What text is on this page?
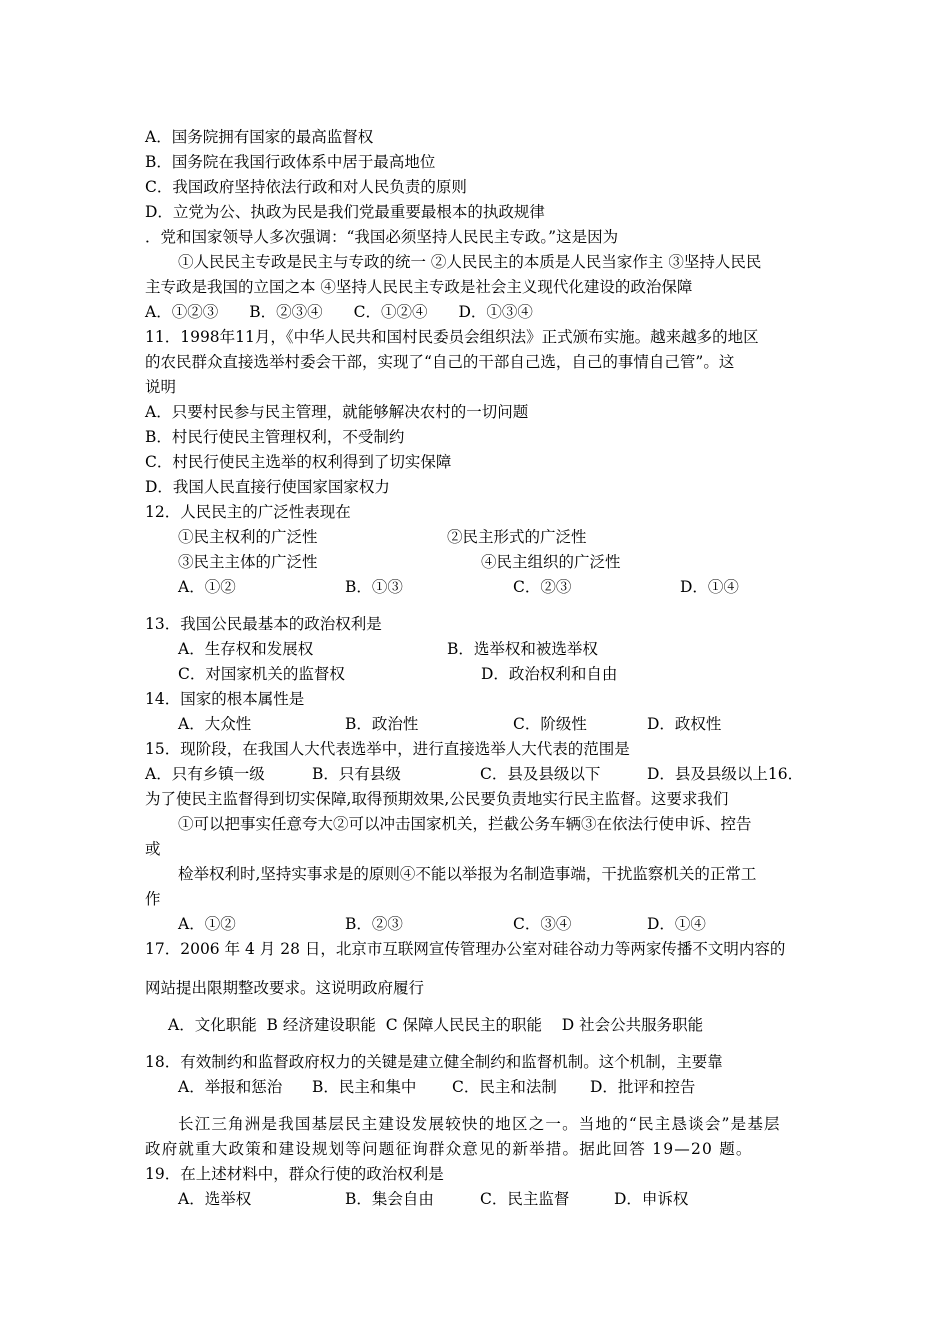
A．国务院拥有国家的最高监督权
B．国务院在我国行政体系中居于最高地位
C．我国政府坚持依法行政和对人民负责的原则
D．立党为公、执政为民是我们党最重要最根本的执政规律
．党和国家领导人多次强调：“我国必须坚持人民民主专政。”这是因为
①人民民主专政是民主与专政的统一 ②人民民主的本质是人民当家作主 ③坚持人民民
主专政是我国的立国之本 ④坚持人民民主专政是社会主义现代化建设的政治保障
A．①②③　　B．②③④　　C．①②④　　D．①③④
11．1998年11月，《中华人民共和国村民委员会组织法》正式颁布实施。越来越多的地区
的农民群众直接选举村委会干部，实现了“自己的干部自己选，自己的事情自己管”。这
说明
A．只要村民参与民主管理，就能够解决农村的一切问题
B．村民行使民主管理权利，不受制约
C．村民行使民主选举的权利得到了切实保障
D．我国人民直接行使国家国家权力
12．人民民主的广泛性表现在
①民主权利的广泛性	②民主形式的广泛性
③民主主体的广泛性	④民主组织的广泛性
A．①②	B．①③	C．②③	D．①④
13．我国公民最基本的政治权利是
A．生存权和发展权	B．选举权和被选举权
C．对国家机关的监督权	D．政治权利和自由
14．国家的根本属性是
A．大众性	B．政治性	C．阶级性	D．政权性
15．现阶段，在我国人大代表选举中，进行直接选举人大代表的范围是
A．只有乡镇一级	B．只有县级	C．县及县级以下	D．县及县级以上16．
为了使民主监督得到切实保障,取得预期效果,公民要负责地实行民主监督。这要求我们
①可以把事实任意夸大②可以冲击国家机关，拦截公务车辆③在依法行使申诉、控告
或
检举权利时,坚持实事求是的原则④不能以举报为名制造事端，干扰监察机关的正常工
作
A．①②	B．②③	C．③④	D．①④
17．2006 年 4 月 28 日，北京市互联网宣传管理办公室对硅谷动力等两家传播不文明内容的
网站提出限期整改要求。这说明政府履行
A．文化职能  B 经济建设职能  C 保障人民民主的职能    D 社会公共服务职能
18．有效制约和监督政府权力的关键是建立健全制约和监督机制。这个机制，主要靠
A．举报和惩治 B．民主和集中 C．民主和法制 D．批评和控告
长江三角洲是我国基层民主建设发展较快的地区之一。当地的“民主恳谈会”是基层
政府就重大政策和建设规划等问题征询群众意见的新举措。据此回答 19—20 题。
19．在上述材料中，群众行使的政治权利是
A．选举权	B．集会自由	C．民主监督	D．申诉权
